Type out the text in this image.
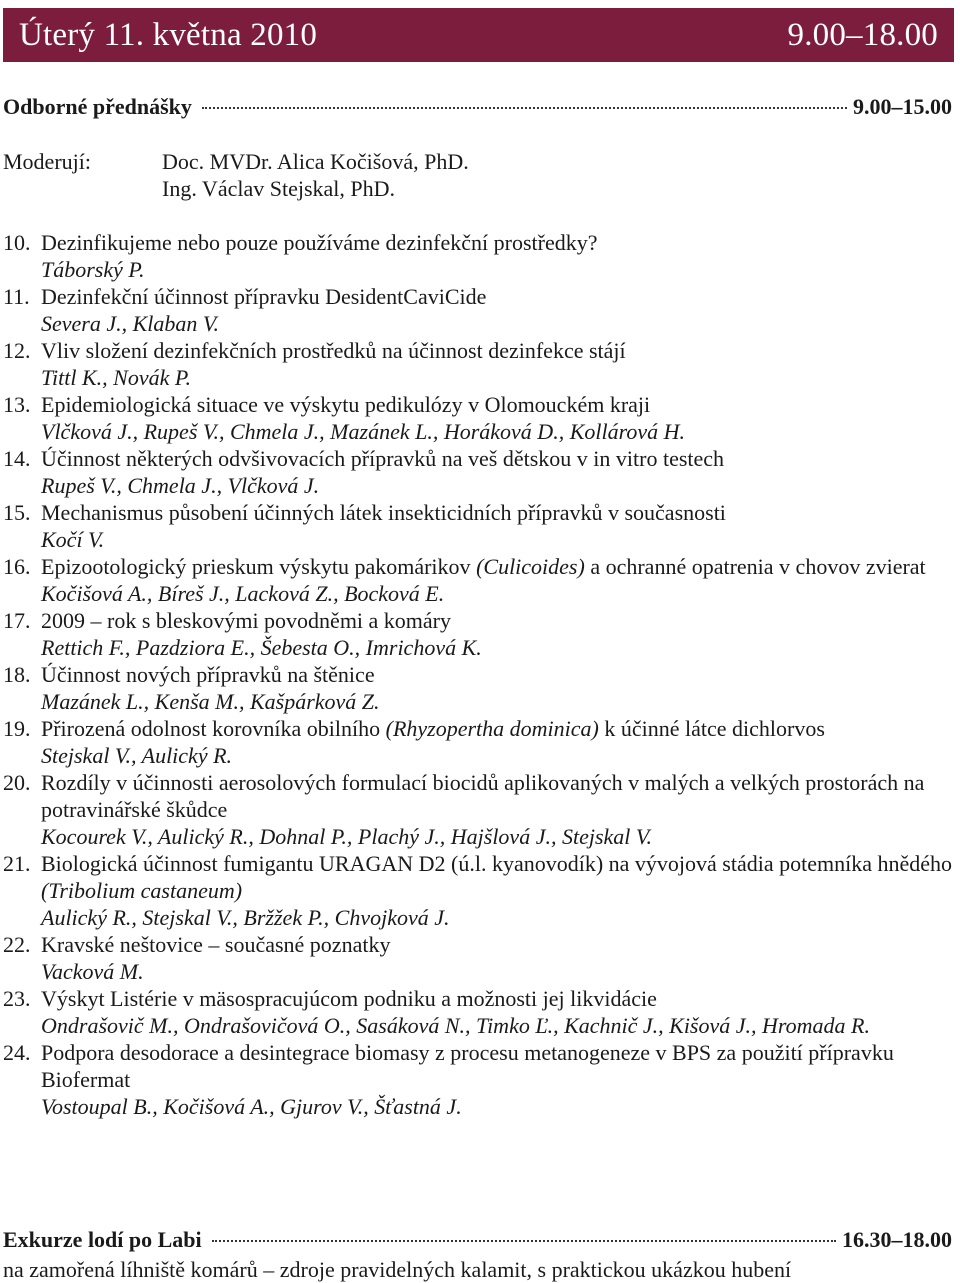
Úterý 11. května 2010	9.00–18.00
Odborné přednášky	9.00–15.00
Moderují:	Doc. MVDr. Alica Kočišová, PhD.
Ing. Václav Stejskal, PhD.
10. Dezinfikujeme nebo pouze používáme dezinfekční prostředky?
Táborský P.
11. Dezinfekční účinnost přípravku DesidentCaviCide
Severa J., Klaban V.
12. Vliv složení dezinfekčních prostředků na účinnost dezinfekce stájí
Tittl K., Novák P.
13. Epidemiologická situace ve výskytu pedikulózy v Olomouckém kraji
Vlčková J., Rupeš V., Chmela J., Mazánek L., Horáková D., Kollárová H.
14. Účinnost některých odvšivovacích přípravků na veš dětskou v in vitro testech
Rupeš V., Chmela J., Vlčková J.
15. Mechanismus působení účinných látek insekticidních přípravků v současnosti
Kočí V.
16. Epizootologický prieskum výskytu pakomárikov (Culicoides) a ochranné opatrenia v chovov zvierat
Kočišová A., Bíreš J., Lacková Z., Bocková E.
17. 2009 – rok s bleskovými povodněmi a komáry
Rettich F., Pazdziora E., Šebesta O., Imrichová K.
18. Účinnost nových přípravků na štěnice
Mazánek L., Kenša M., Kašpárková Z.
19. Přirozená odolnost korovníka obilního (Rhyzopertha dominica) k účinné látce dichlorvos
Stejskal V., Aulický R.
20. Rozdíly v účinnosti aerosolových formulací biocidů aplikovaných v malých a velkých prostorách na potravinářské škůdce
Kocourek V., Aulický R., Dohnal P., Plachý J., Hajšlová J., Stejskal V.
21. Biologická účinnost fumigantu URAGAN D2 (ú.l. kyanovodík) na vývojová stádia potemníka hnědého (Tribolium castaneum)
Aulický R., Stejskal V., Bržžek P., Chvojková J.
22. Kravské neštovice – současné poznatky
Vacková M.
23. Výskyt Listérie v mäsospracujúcom podniku a možnosti jej likvidácie
Ondrašovič M., Ondrašovičová O., Sasáková N., Timko Ľ., Kachnič J., Kišová J., Hromada R.
24. Podpora desodorace a desintegrace biomasy z procesu metanogeneze v BPS za použití přípravku Biofermat
Vostoupal B., Kočišová A., Gjurov V., Šťastná J.
Exkurze lodí po Labi	16.30–18.00
na zamořená líhniště komárů – zdroje pravidelných kalamit, s praktickou ukázkou hubení
